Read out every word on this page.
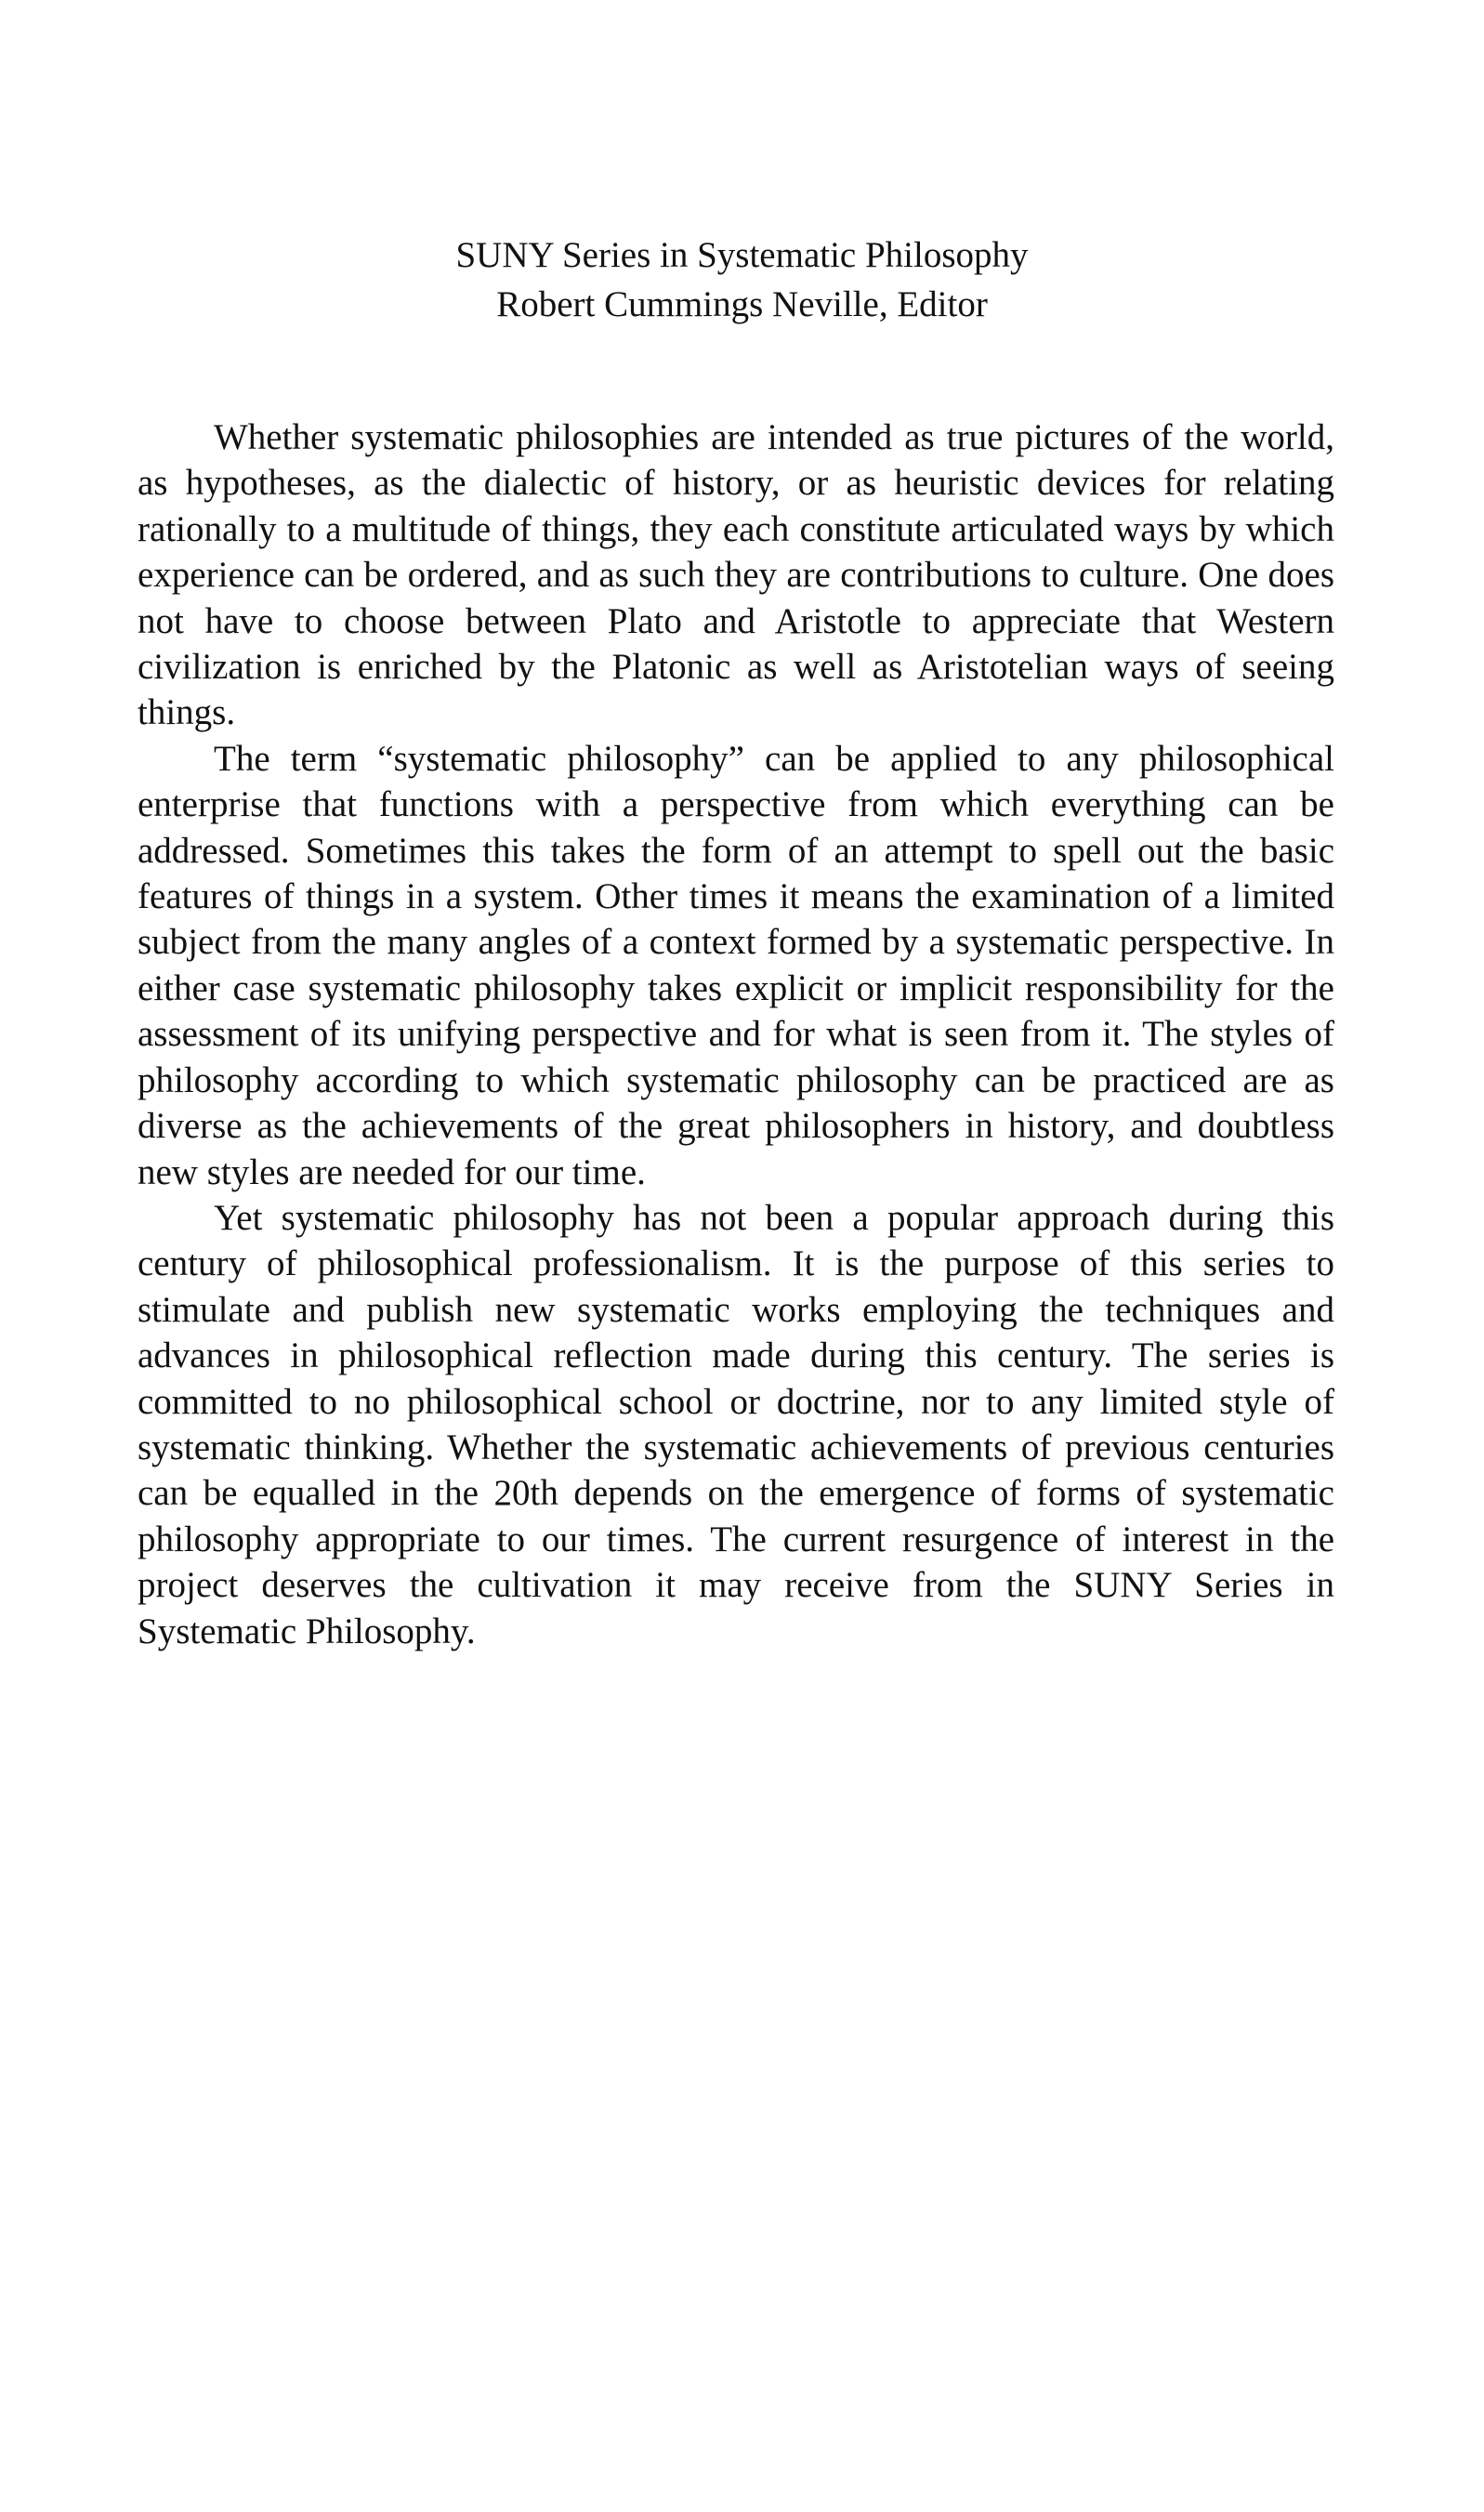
SUNY Series in Systematic Philosophy
Robert Cummings Neville, Editor

Whether systematic philosophies are intended as true pictures of the world, as hypotheses, as the dialectic of history, or as heuristic devices for relating rationally to a multitude of things, they each constitute articulated ways by which experience can be ordered, and as such they are contributions to culture. One does not have to choose between Plato and Aristotle to appreciate that Western civilization is enriched by the Platonic as well as Aristotelian ways of seeing things.

The term “systematic philosophy” can be applied to any philosophical enterprise that functions with a perspective from which everything can be addressed. Sometimes this takes the form of an attempt to spell out the basic features of things in a system. Other times it means the examination of a limited subject from the many angles of a context formed by a systematic perspective. In either case systematic philosophy takes explicit or implicit responsibility for the assessment of its unifying perspective and for what is seen from it. The styles of philosophy according to which systematic philosophy can be practiced are as diverse as the achievements of the great philosophers in history, and doubtless new styles are needed for our time.

Yet systematic philosophy has not been a popular approach during this century of philosophical professionalism. It is the purpose of this series to stimulate and publish new systematic works employing the techniques and advances in philosophical reflection made during this century. The series is committed to no philosophical school or doctrine, nor to any limited style of systematic thinking. Whether the systematic achievements of previous centuries can be equalled in the 20th depends on the emergence of forms of systematic philosophy appropriate to our times. The current resurgence of interest in the project deserves the cultivation it may receive from the SUNY Series in Systematic Philosophy.
